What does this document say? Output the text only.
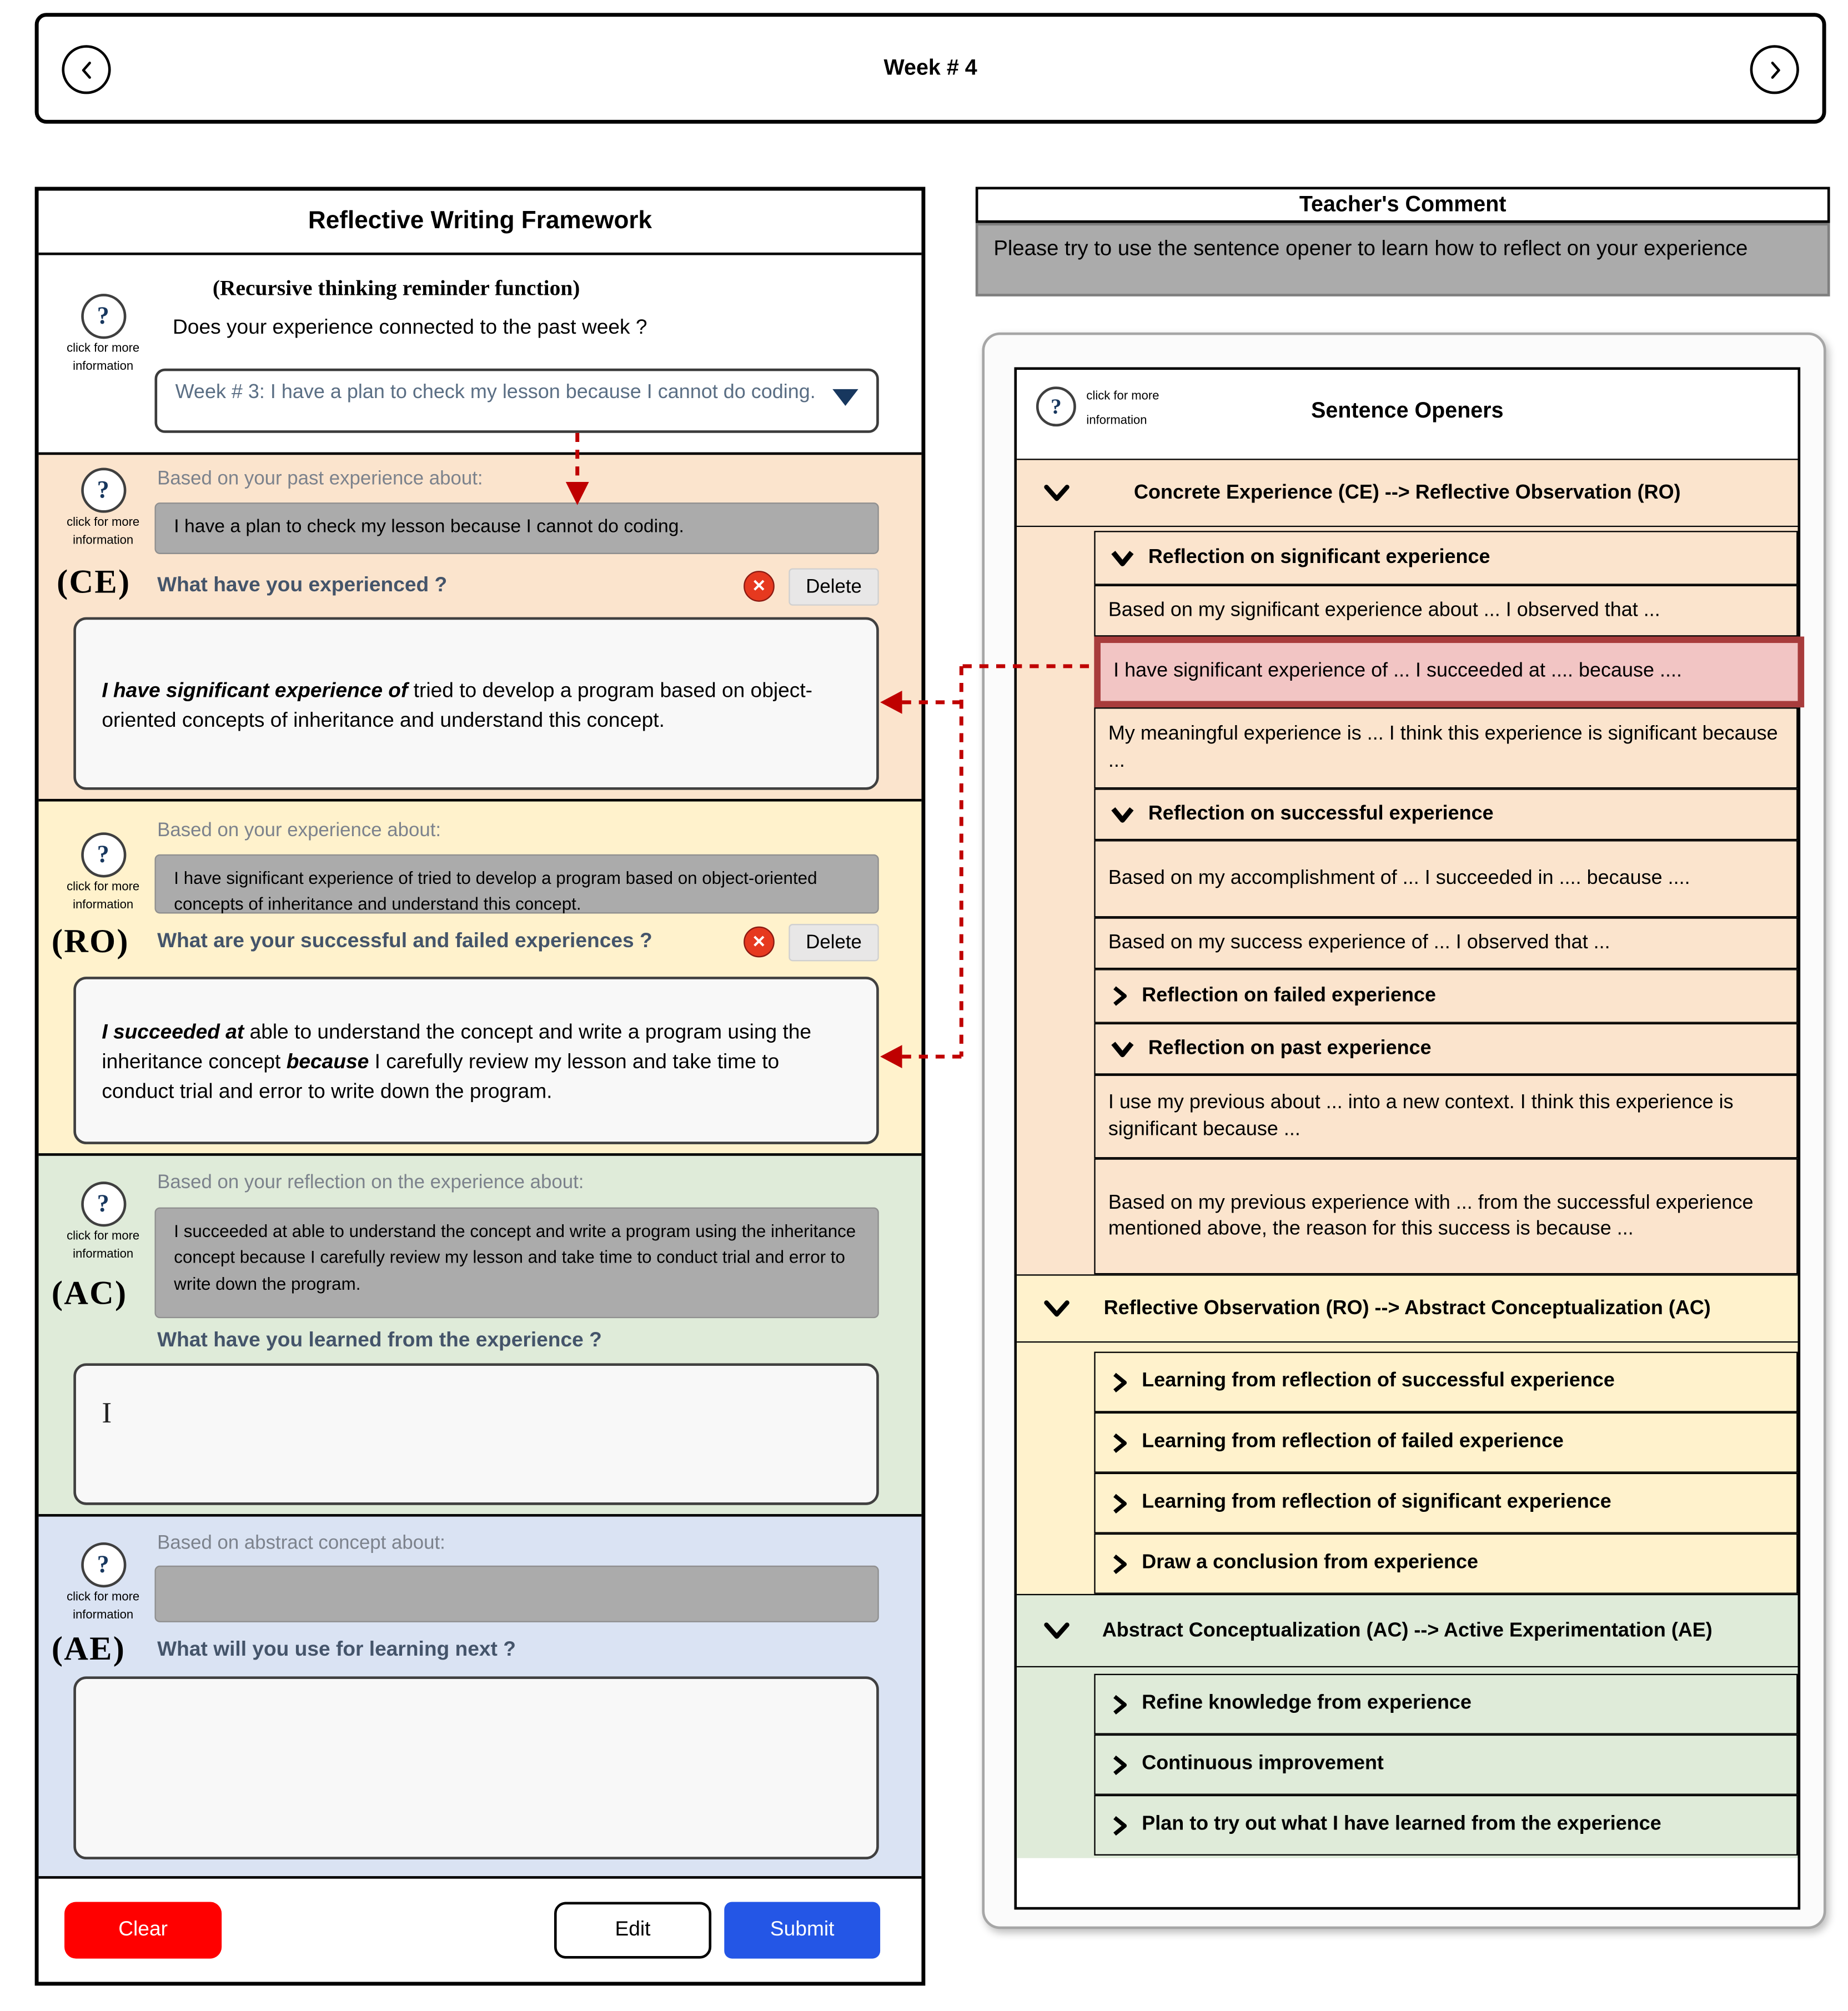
Week # 4
Reflective Writing Framework
?
click for more
information
(Recursive thinking reminder function)
Does your experience connected to the past week ?
Week # 3: I have a plan to check my lesson because I cannot do coding.
?
click for more
information
Based on your past experience about:
I have a plan to check my lesson because I cannot do coding.
(CE)	What have you experienced ?	✕	Delete
I have significant experience of tried to develop a program based on object-oriented concepts of inheritance and understand this concept.
?
click for more
information
Based on your experience about:
I have significant experience of tried to develop a program based on object-oriented concepts of inheritance and understand this concept.
(RO)	What are your successful and failed experiences ?	✕	Delete
I succeeded at able to understand the concept and write a program using the inheritance concept because I carefully review my lesson and take time to conduct trial and error to write down the program.
?
click for more
information
Based on your reflection on the experience about:
I succeeded at able to understand the concept and write a program using the inheritance concept because I carefully review my lesson and take time to conduct trial and error to write down the program.
(AC)
What have you learned from the experience ?
I
?
click for more
information
Based on abstract concept about:
(AE)	What will you use for learning next ?
Clear	Edit	Submit
Teacher's Comment
Please try to use the sentence opener to learn how to reflect on your experience
?	click for more
information	Sentence Openers
Concrete Experience (CE) --> Reflective Observation (RO)
Reflection on significant experience
Based on my significant experience about ... I observed that ...
I have significant experience of ... I succeeded at .... because ....
My meaningful experience is ... I think this experience is significant because ...
Reflection on successful experience
Based on my accomplishment of ... I succeeded in .... because ....
Based on my success experience of ... I observed that ...
Reflection on failed experience
Reflection on past experience
I use my previous about ... into a new context. I think this experience is significant because ...
Based on my previous experience with ... from the successful experience mentioned above, the reason for this success is because ...
Reflective Observation (RO) --> Abstract Conceptualization (AC)
Learning from reflection of successful experience
Learning from reflection of failed experience
Learning from reflection of significant experience
Draw a conclusion from experience
Abstract Conceptualization (AC) --> Active Experimentation (AE)
Refine knowledge from experience
Continuous improvement
Plan to try out what I have learned from the experience
